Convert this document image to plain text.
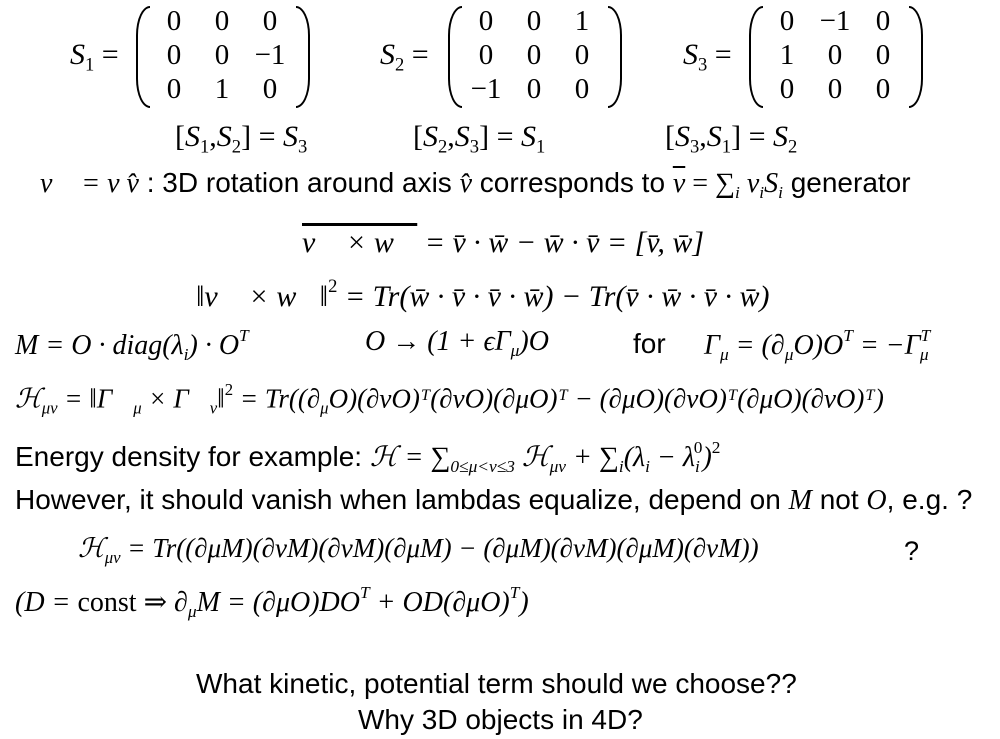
$S_1$ =
0	0	0
0	0	−1
0	1	0
$S_2$ =
0	0	1
0	0	0
−1	0	0
$S_3$ =
0	−1	0
1	0	0
0	0	0
$[S_1,S_2] = S_3$	$[S_2,S_3] = S_1$	$[S_3,S_1] = S_2$
v⃗ = v v̂ : 3D rotation around axis v̂ corresponds to $\overline{v} = \sum_i$ $v_iS_i$ generator
v⃗ × w⃗ = v̄ · w̄ − w̄ · v̄ = [v̄, w̄]
‖v⃗ × w⃗‖$^2$ = Tr(w̄ · v̄ · v̄ · w̄) − Tr(v̄ · w̄ · v̄ · w̄)
$M = O \cdot diag(\lambda_i) \cdot O^T$	$O \to (1 + \epsilon\Gamma_\mu)O$	for $\Gamma_\mu = (\partial_\mu O)O^T = -\Gamma^T_\mu$
ℋ$_{\mu\nu}$ = $‖\Gamma⃗_\mu$ × $\Gamma⃗_\nu‖^2$ = $Tr((\partial_\mu O)(\partial\nu O)ᵀ(\partial\nu O)(\partial\mu O)ᵀ$ − (∂μO)(∂νO)ᵀ(∂μO)(∂νO)ᵀ)
Energy density for example: ℋ = $\sum_{0\le\mu<\nu\le 3}$ ℋ$_{\mu\nu}$ + $\sum_i(\lambda_i - \lambda_i^0)^2$
However, it should vanish when lambdas equalize, depend on M not O, e.g. ?
ℋ$_{\mu\nu}$ = Tr((∂μM)(∂νM)(∂νM)(∂μM) − (∂μM)(∂νM)(∂μM)(∂νM))	?
(D = const ⇒ $\partial_\mu M = (\partial\mu O)DO^T + OD(\partial\mu O)^T$)
What kinetic, potential term should we choose??
Why 3D objects in 4D?
